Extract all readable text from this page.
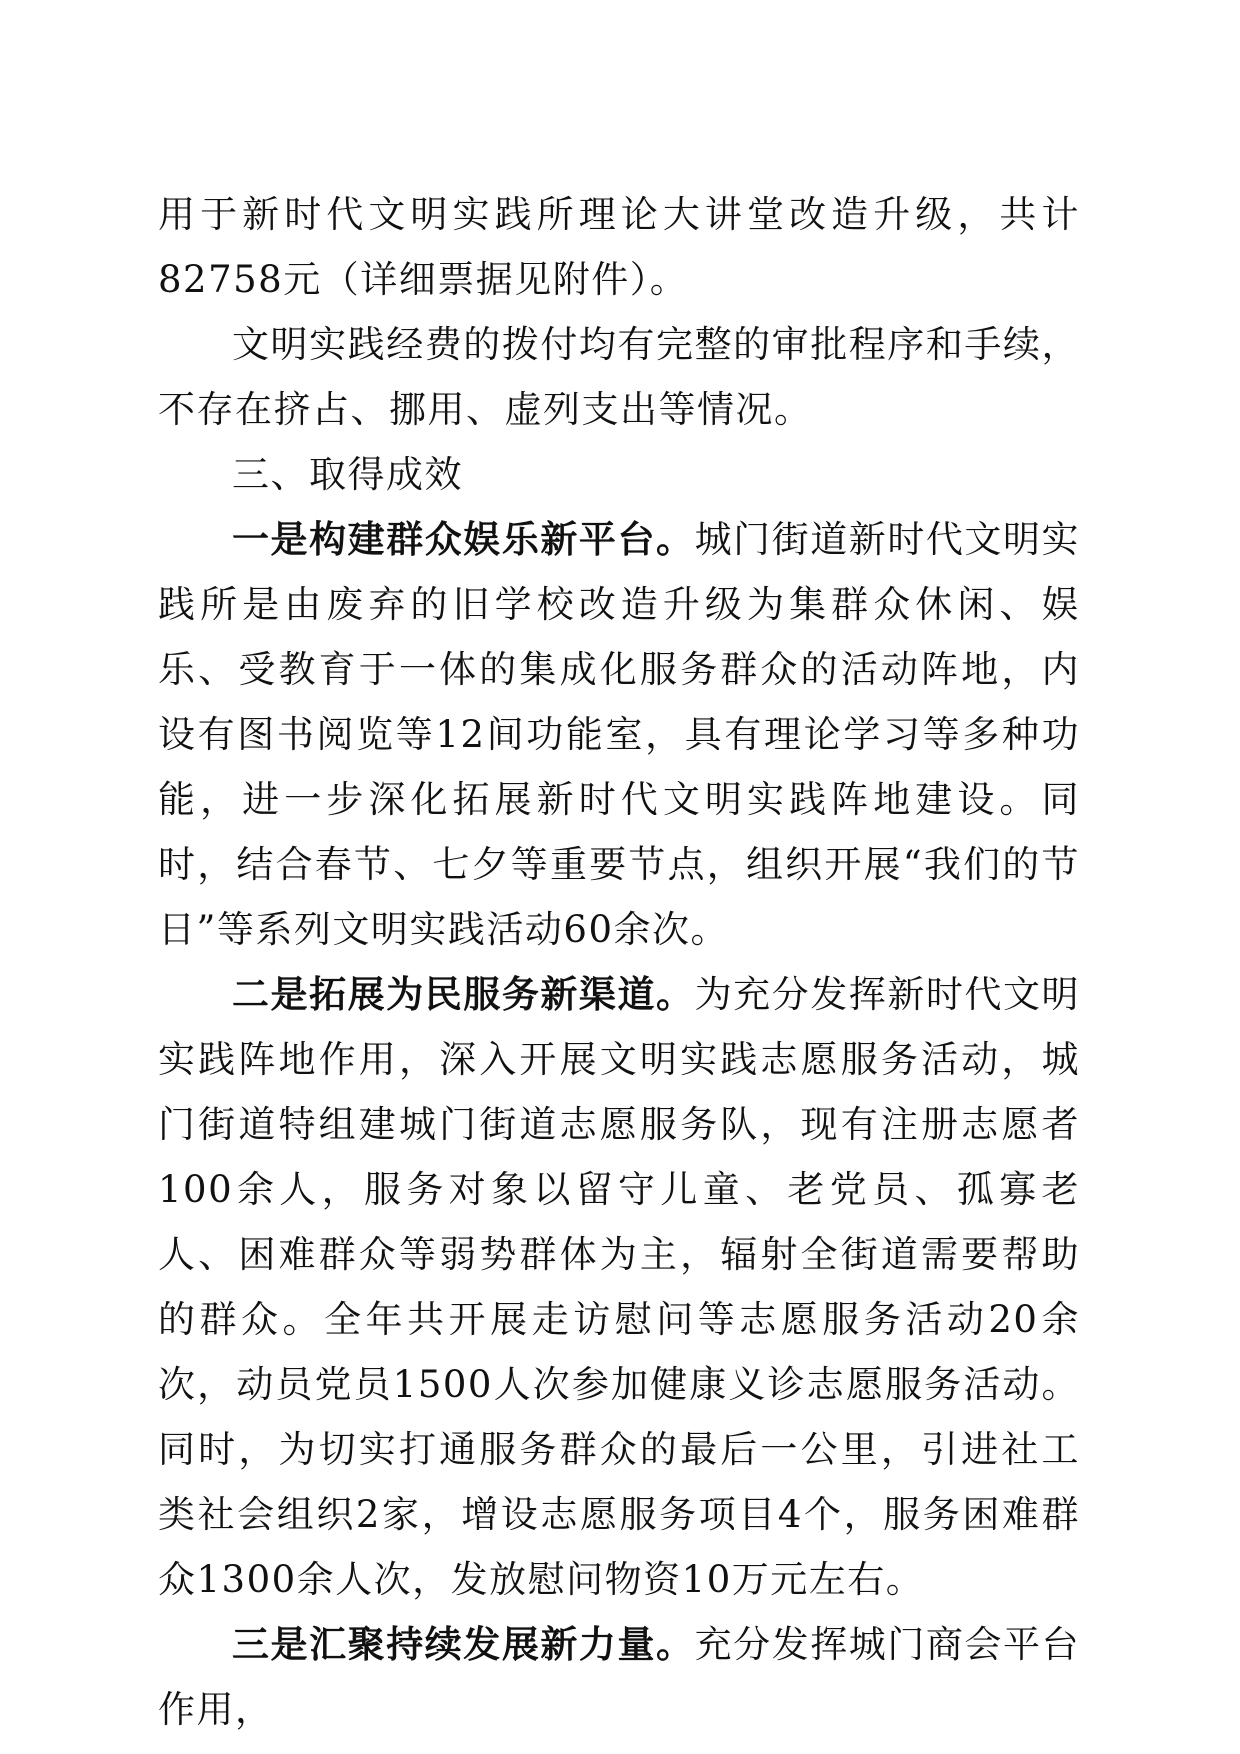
用于新时代文明实践所理论大讲堂改造升级，共计82758元（详细票据见附件）。

文明实践经费的拨付均有完整的审批程序和手续，不存在挤占、挪用、虚列支出等情况。

三、取得成效

一是构建群众娱乐新平台。城门街道新时代文明实践所是由废弃的旧学校改造升级为集群众休闲、娱乐、受教育于一体的集成化服务群众的活动阵地，内设有图书阅览等12间功能室，具有理论学习等多种功能，进一步深化拓展新时代文明实践阵地建设。同时，结合春节、七夕等重要节点，组织开展“我们的节日”等系列文明实践活动60余次。

二是拓展为民服务新渠道。为充分发挥新时代文明实践阵地作用，深入开展文明实践志愿服务活动，城门街道特组建城门街道志愿服务队，现有注册志愿者100余人，服务对象以留守儿童、老党员、孤寡老人、困难群众等弱势群体为主，辐射全街道需要帮助的群众。全年共开展走访慰问等志愿服务活动20余次，动员党员1500人次参加健康义诊志愿服务活动。同时，为切实打通服务群众的最后一公里，引进社工类社会组织2家，增设志愿服务项目4个，服务困难群众1300余人次，发放慰问物资10万元左右。

三是汇聚持续发展新力量。充分发挥城门商会平台作用，
